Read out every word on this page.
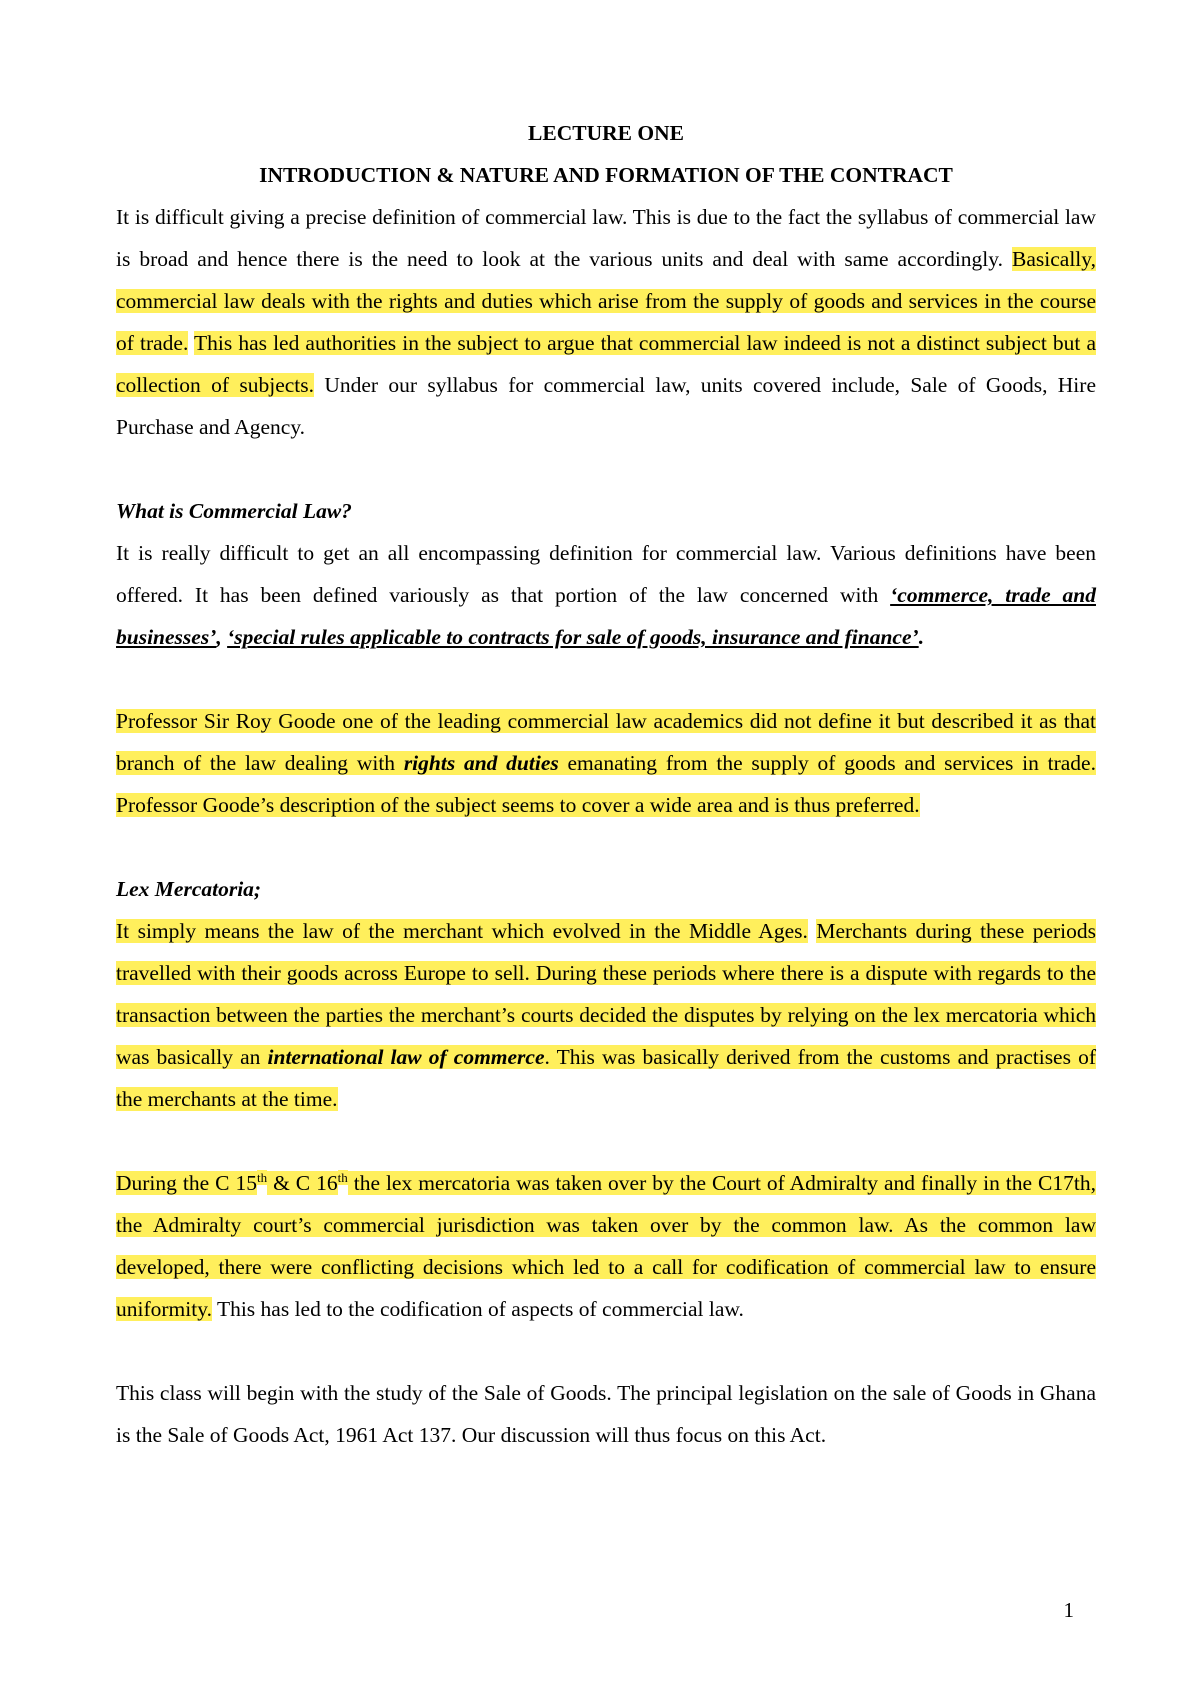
LECTURE ONE
INTRODUCTION & NATURE AND FORMATION OF THE CONTRACT

It is difficult giving a precise definition of commercial law. This is due to the fact the syllabus of commercial law is broad and hence there is the need to look at the various units and deal with same accordingly. Basically, commercial law deals with the rights and duties which arise from the supply of goods and services in the course of trade. This has led authorities in the subject to argue that commercial law indeed is not a distinct subject but a collection of subjects. Under our syllabus for commercial law, units covered include, Sale of Goods, Hire Purchase and Agency.

What is Commercial Law?

It is really difficult to get an all encompassing definition for commercial law. Various definitions have been offered. It has been defined variously as that portion of the law concerned with ‘commerce, trade and businesses’, ‘special rules applicable to contracts for sale of goods, insurance and finance’.

Professor Sir Roy Goode one of the leading commercial law academics did not define it but described it as that branch of the law dealing with rights and duties emanating from the supply of goods and services in trade. Professor Goode’s description of the subject seems to cover a wide area and is thus preferred.

Lex Mercatoria;

It simply means the law of the merchant which evolved in the Middle Ages. Merchants during these periods travelled with their goods across Europe to sell. During these periods where there is a dispute with regards to the transaction between the parties the merchant’s courts decided the disputes by relying on the lex mercatoria which was basically an international law of commerce. This was basically derived from the customs and practises of the merchants at the time.

During the C 15th & C 16th the lex mercatoria was taken over by the Court of Admiralty and finally in the C17th, the Admiralty court’s commercial jurisdiction was taken over by the common law. As the common law developed, there were conflicting decisions which led to a call for codification of commercial law to ensure uniformity. This has led to the codification of aspects of commercial law.

This class will begin with the study of the Sale of Goods. The principal legislation on the sale of Goods in Ghana is the Sale of Goods Act, 1961 Act 137. Our discussion will thus focus on this Act.

1
